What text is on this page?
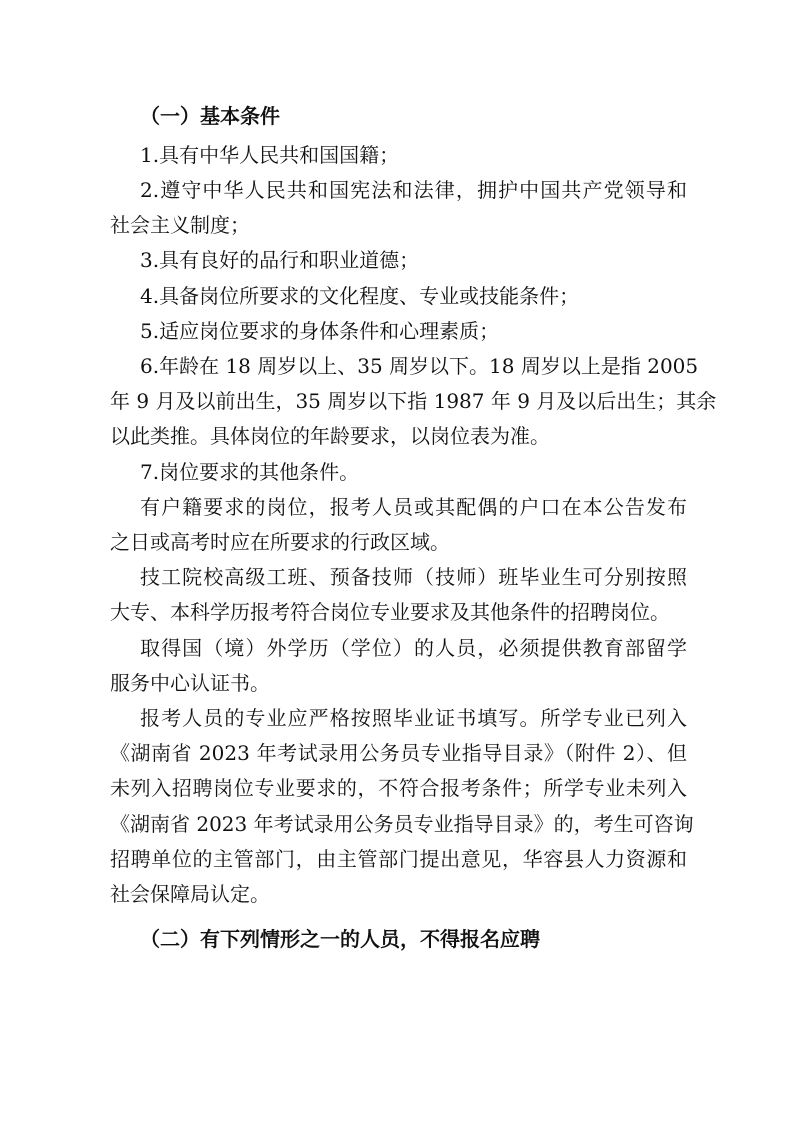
（一）基本条件
1.具有中华人民共和国国籍；
2.遵守中华人民共和国宪法和法律，拥护中国共产党领导和
社会主义制度；
3.具有良好的品行和职业道德；
4.具备岗位所要求的文化程度、专业或技能条件；
5.适应岗位要求的身体条件和心理素质；
6.年龄在 18 周岁以上、35 周岁以下。18 周岁以上是指 2005
年 9 月及以前出生，35 周岁以下指 1987 年 9 月及以后出生；其余
以此类推。具体岗位的年龄要求，以岗位表为准。
7.岗位要求的其他条件。
有户籍要求的岗位，报考人员或其配偶的户口在本公告发布
之日或高考时应在所要求的行政区域。
技工院校高级工班、预备技师（技师）班毕业生可分别按照
大专、本科学历报考符合岗位专业要求及其他条件的招聘岗位。
取得国（境）外学历（学位）的人员，必须提供教育部留学
服务中心认证书。
报考人员的专业应严格按照毕业证书填写。所学专业已列入
《湖南省 2023 年考试录用公务员专业指导目录》（附件 2）、但
未列入招聘岗位专业要求的，不符合报考条件；所学专业未列入
《湖南省 2023 年考试录用公务员专业指导目录》的，考生可咨询
招聘单位的主管部门，由主管部门提出意见，华容县人力资源和
社会保障局认定。
（二）有下列情形之一的人员，不得报名应聘
